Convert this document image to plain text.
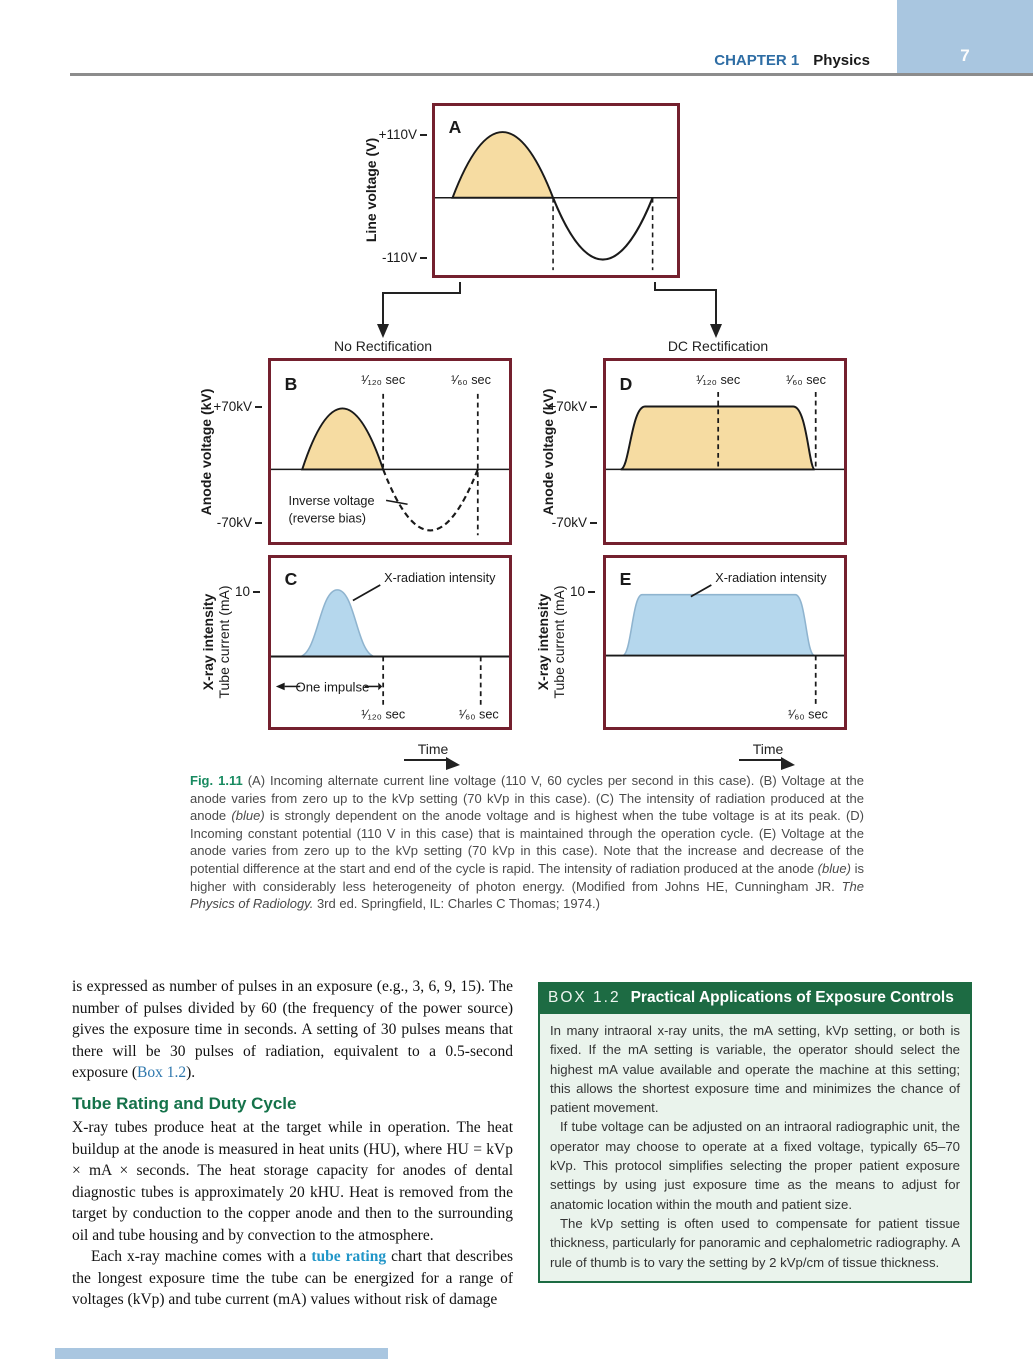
CHAPTER 1 Physics	7
Line voltage (V)
+110V
-110V
A
No Rectification	DC Rectification
Anode voltage (kV) +70kV
-70kV
¹⁄₁₂₀ sec	¹⁄₆₀ sec
Inverse voltage
(reverse bias)
B
Anode voltage (kV)
+70kV
-70kV
¹⁄₁₂₀ sec	¹⁄₆₀ sec
D
X-ray intensity Tube current (mA) 10
X-radiation intensity
One impulse
¹⁄₁₂₀ sec	¹⁄₆₀ sec
C
X-ray intensity Tube current (mA) 10
X-radiation intensity
¹⁄₆₀ sec
E
Time	Time
Fig. 1.11 (A) Incoming alternate current line voltage (110 V, 60 cycles per second in this case). (B) Voltage at the anode varies from zero up to the kVp setting (70 kVp in this case). (C) The intensity of radiation produced at the anode (blue) is strongly dependent on the anode voltage and is highest when the tube voltage is at its peak. (D) Incoming constant potential (110 V in this case) that is maintained through the operation cycle. (E) Voltage at the anode varies from zero up to the kVp setting (70 kVp in this case). Note that the increase and decrease of the potential difference at the start and end of the cycle is rapid. The intensity of radiation produced at the anode (blue) is higher with considerably less heterogeneity of photon energy. (Modified from Johns HE, Cunningham JR. The Physics of Radiology. 3rd ed. Springfield, IL: Charles C Thomas; 1974.)

is expressed as number of pulses in an exposure (e.g., 3, 6, 9, 15). The number of pulses divided by 60 (the frequency of the power source) gives the exposure time in seconds. A setting of 30 pulses means that there will be 30 pulses of radiation, equivalent to a 0.5-second exposure (Box 1.2).

Tube Rating and Duty Cycle

X-ray tubes produce heat at the target while in operation. The heat buildup at the anode is measured in heat units (HU), where HU = kVp × mA × seconds. The heat storage capacity for anodes of dental diagnostic tubes is approximately 20 kHU. Heat is removed from the target by conduction to the copper anode and then to the surrounding oil and tube housing and by convection to the atmosphere.

Each x-ray machine comes with a tube rating chart that describes the longest exposure time the tube can be energized for a range of voltages (kVp) and tube current (mA) values without risk of damage

BOX 1.2 Practical Applications of Exposure Controls

In many intraoral x-ray units, the mA setting, kVp setting, or both is fixed. If the mA setting is variable, the operator should select the highest mA value available and operate the machine at this setting; this allows the shortest exposure time and minimizes the chance of patient movement.

If tube voltage can be adjusted on an intraoral radiographic unit, the operator may choose to operate at a fixed voltage, typically 65–70 kVp. This protocol simplifies selecting the proper patient exposure settings by using just exposure time as the means to adjust for anatomic location within the mouth and patient size.

The kVp setting is often used to compensate for patient tissue thickness, particularly for panoramic and cephalometric radiography. A rule of thumb is to vary the setting by 2 kVp/cm of tissue thickness.
